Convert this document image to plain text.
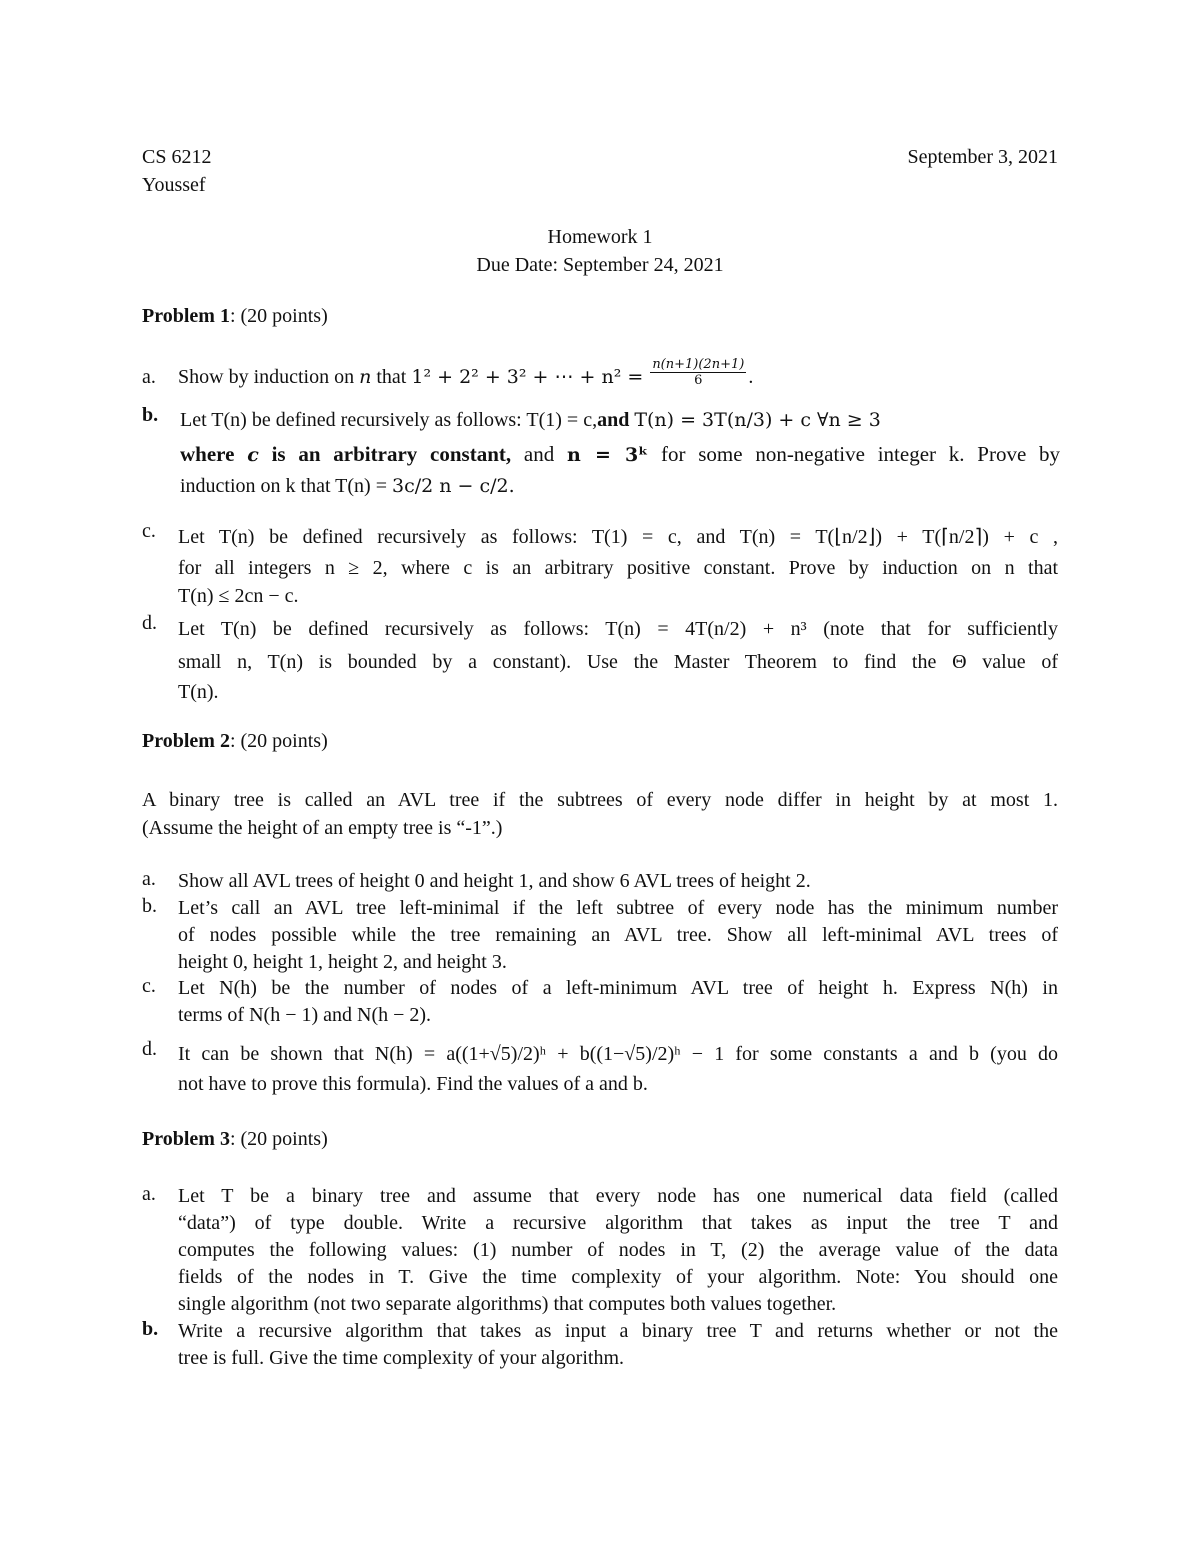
CS 6212
Youssef
September 3, 2021
Homework 1
Due Date: September 24, 2021
Problem 1: (20 points)
a.	Show by induction on n that 1² + 2² + 3² + ⋯ + $n^2 = \frac{n(n+1)(2n+1)}{6}$ .
b.	Let T(n) be defined recursively as follows: T(1) = c,and T(n) = 3T(n/3) + c ∀n ≥ 3
where c is an arbitrary constant, and n = 3ᵏ for some non-negative integer k. Prove by
induction on k that T(n) = 3c/2 n − c/2.
c.	Let T(n) be defined recursively as follows: T(1) = c, and T(n) = T(⌊n/2⌋) + T(⌈n/2⌉) + c ,
for all integers n ≥ 2, where c is an arbitrary positive constant. Prove by induction on n that
T(n) ≤ 2cn − c.
d.	Let T(n) be defined recursively as follows: T(n) = 4T(n/2) + n³ (note that for sufficiently
small n, T(n) is bounded by a constant). Use the Master Theorem to find the Θ value of
T(n).
Problem 2: (20 points)
A binary tree is called an AVL tree if the subtrees of every node differ in height by at most 1.
(Assume the height of an empty tree is “-1”.)
a.	Show all AVL trees of height 0 and height 1, and show 6 AVL trees of height 2.
b.	Let’s call an AVL tree left-minimal if the left subtree of every node has the minimum number
of nodes possible while the tree remaining an AVL tree. Show all left-minimal AVL trees of
height 0, height 1, height 2, and height 3.
c.	Let N(h) be the number of nodes of a left-minimum AVL tree of height h. Express N(h) in
terms of N(h − 1) and N(h − 2).
d.	It can be shown that N(h) = a((1+√5)/2)ʰ + b((1−√5)/2)ʰ − 1 for some constants a and b (you do
not have to prove this formula). Find the values of a and b.
Problem 3: (20 points)
a.	Let T be a binary tree and assume that every node has one numerical data field (called
“data”) of type double. Write a recursive algorithm that takes as input the tree T and
computes the following values: (1) number of nodes in T, (2) the average value of the data
fields of the nodes in T. Give the time complexity of your algorithm. Note: You should one
single algorithm (not two separate algorithms) that computes both values together.
b. Write a recursive algorithm that takes as input a binary tree T and returns whether or not the
tree is full. Give the time complexity of your algorithm.
